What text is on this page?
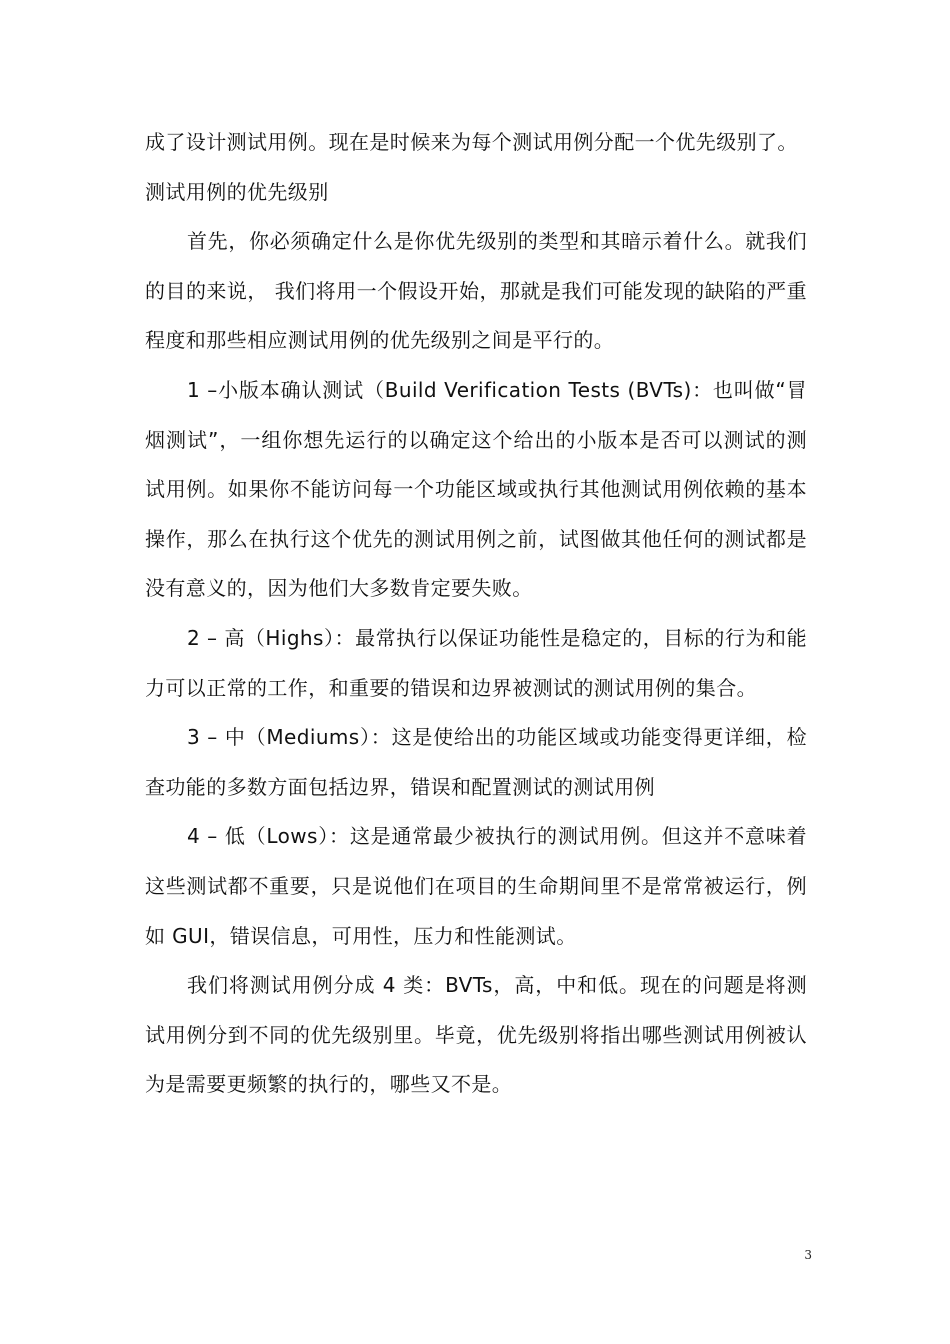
成了设计测试用例。现在是时候来为每个测试用例分配一个优先级别了。

测试用例的优先级别

首先，你必须确定什么是你优先级别的类型和其暗示着什么。就我们的目的来说， 我们将用一个假设开始，那就是我们可能发现的缺陷的严重程度和那些相应测试用例的优先级别之间是平行的。

1 –小版本确认测试（Build Verification Tests (BVTs)：也叫做“冒烟测试”，一组你想先运行的以确定这个给出的小版本是否可以测试的测试用例。如果你不能访问每一个功能区域或执行其他测试用例依赖的基本操作，那么在执行这个优先的测试用例之前，试图做其他任何的测试都是没有意义的，因为他们大多数肯定要失败。

2 – 高（Highs）：最常执行以保证功能性是稳定的，目标的行为和能力可以正常的工作，和重要的错误和边界被测试的测试用例的集合。

3 – 中（Mediums）：这是使给出的功能区域或功能变得更详细，检查功能的多数方面包括边界，错误和配置测试的测试用例

4 – 低（Lows）：这是通常最少被执行的测试用例。但这并不意味着这些测试都不重要，只是说他们在项目的生命期间里不是常常被运行，例如 GUI，错误信息，可用性，压力和性能测试。

我们将测试用例分成 4 类：BVTs，高，中和低。现在的问题是将测试用例分到不同的优先级别里。毕竟，优先级别将指出哪些测试用例被认为是需要更频繁的执行的，哪些又不是。

3
